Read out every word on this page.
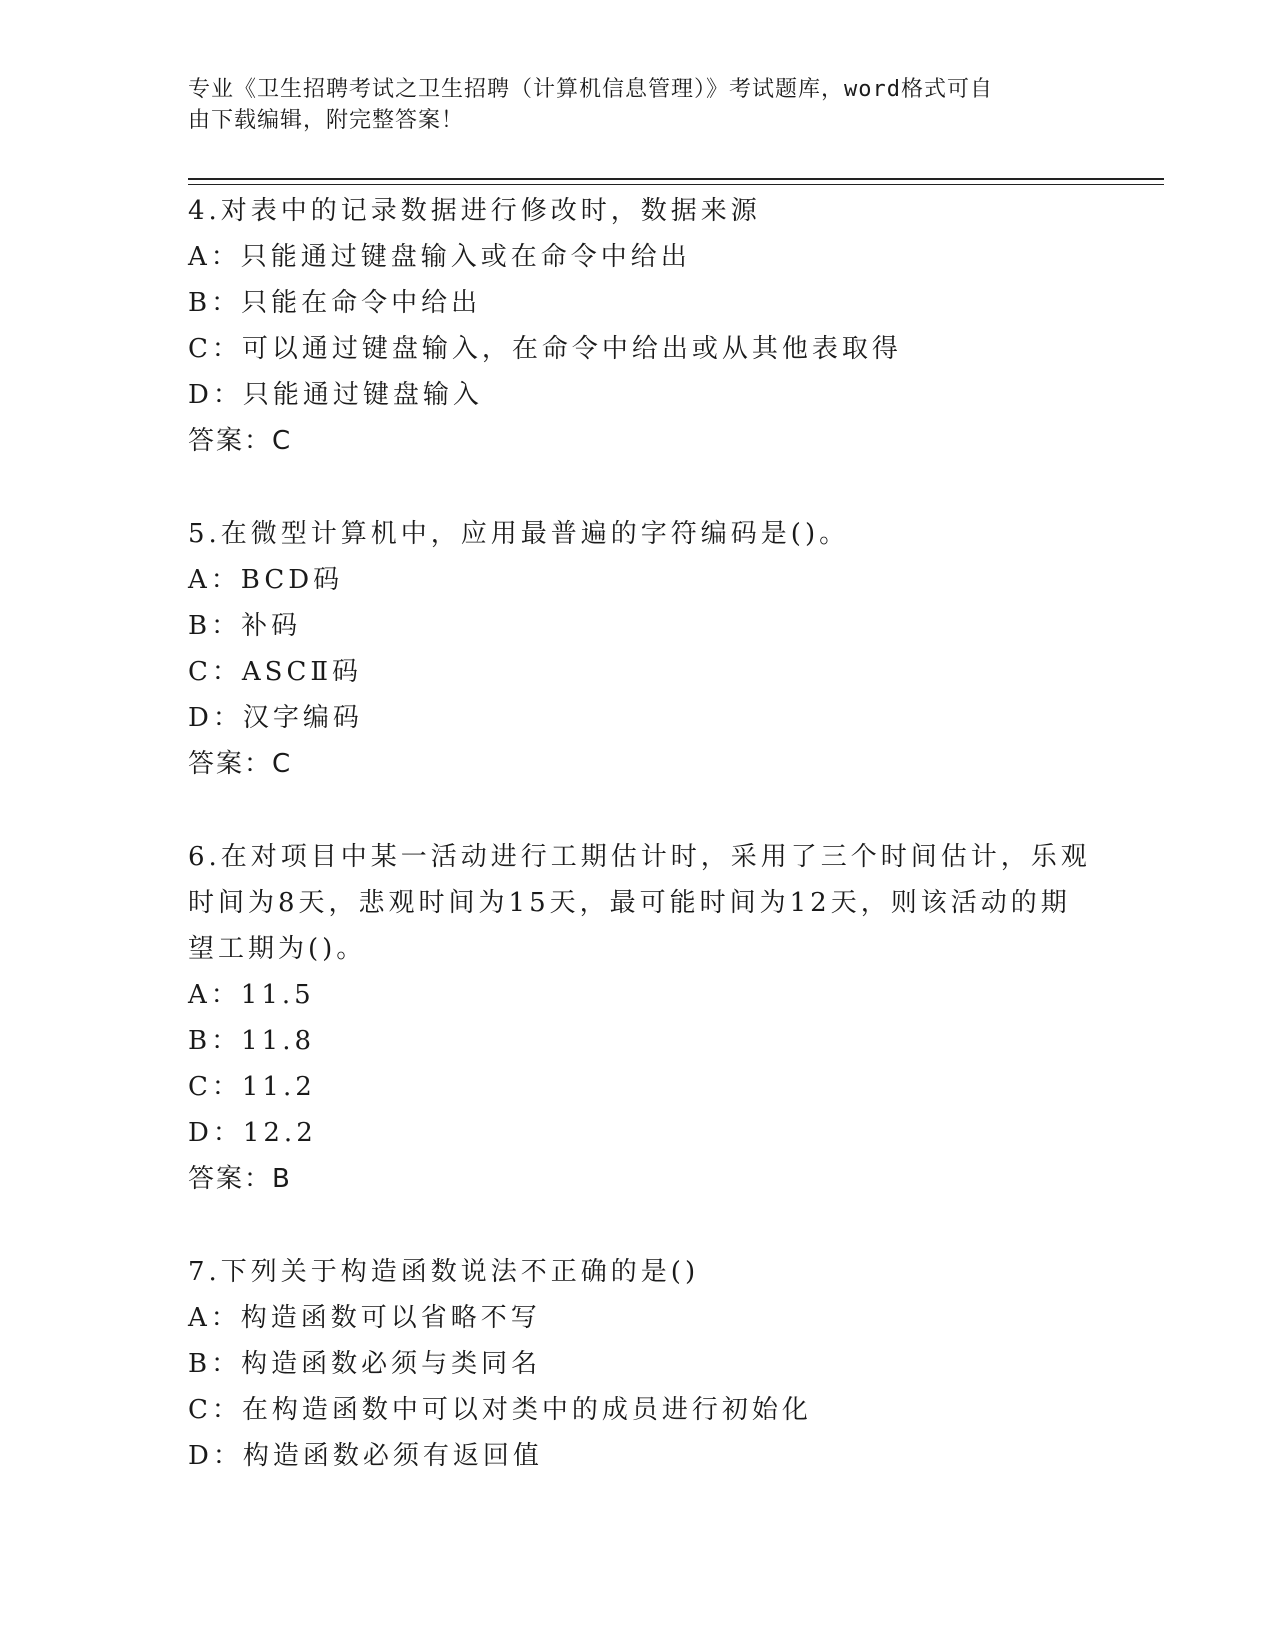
专业《卫生招聘考试之卫生招聘（计算机信息管理）》考试题库，word格式可自
由下载编辑，附完整答案！
4.对表中的记录数据进行修改时，数据来源
A：只能通过键盘输入或在命令中给出
B：只能在命令中给出
C：可以通过键盘输入，在命令中给出或从其他表取得
D：只能通过键盘输入
答案：C
5.在微型计算机中，应用最普遍的字符编码是()。
A：BCD码
B：补码
C：ASCⅡ码
D：汉字编码
答案：C
6.在对项目中某一活动进行工期估计时，采用了三个时间估计，乐观
时间为8天，悲观时间为15天，最可能时间为12天，则该活动的期
望工期为()。
A：11.5
B：11.8
C：11.2
D：12.2
答案：B
7.下列关于构造函数说法不正确的是()
A：构造函数可以省略不写
B：构造函数必须与类同名
C：在构造函数中可以对类中的成员进行初始化
D：构造函数必须有返回值
